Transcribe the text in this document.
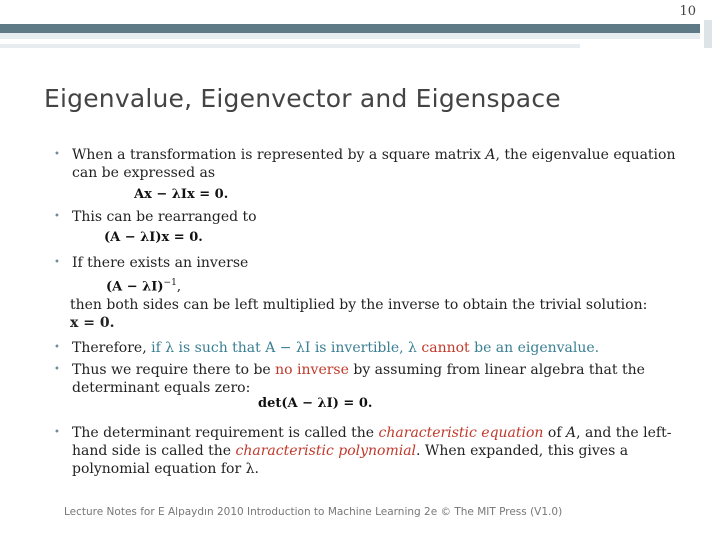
10
Eigenvalue, Eigenvector and Eigenspace
• When a transformation is represented by a square matrix A, the eigenvalue equation
can be expressed as
Ax − λIx = 0.
• This can be rearranged to
(A − λI)x = 0.
• If there exists an inverse
$(A - \lambda I)^{-1}$,
then both sides can be left multiplied by the inverse to obtain the trivial solution:
x = 0.
• Therefore, if λ is such that A − λI is invertible, λ cannot be an eigenvalue.
• Thus we require there to be no inverse by assuming from linear algebra that the
determinant equals zero:
det(A − λI) = 0.
• The determinant requirement is called the characteristic equation of A, and the left-
hand side is called the characteristic polynomial. When expanded, this gives a
polynomial equation for λ.
Lecture Notes for E Alpaydın 2010 Introduction to Machine Learning 2e © The MIT Press (V1.0)
